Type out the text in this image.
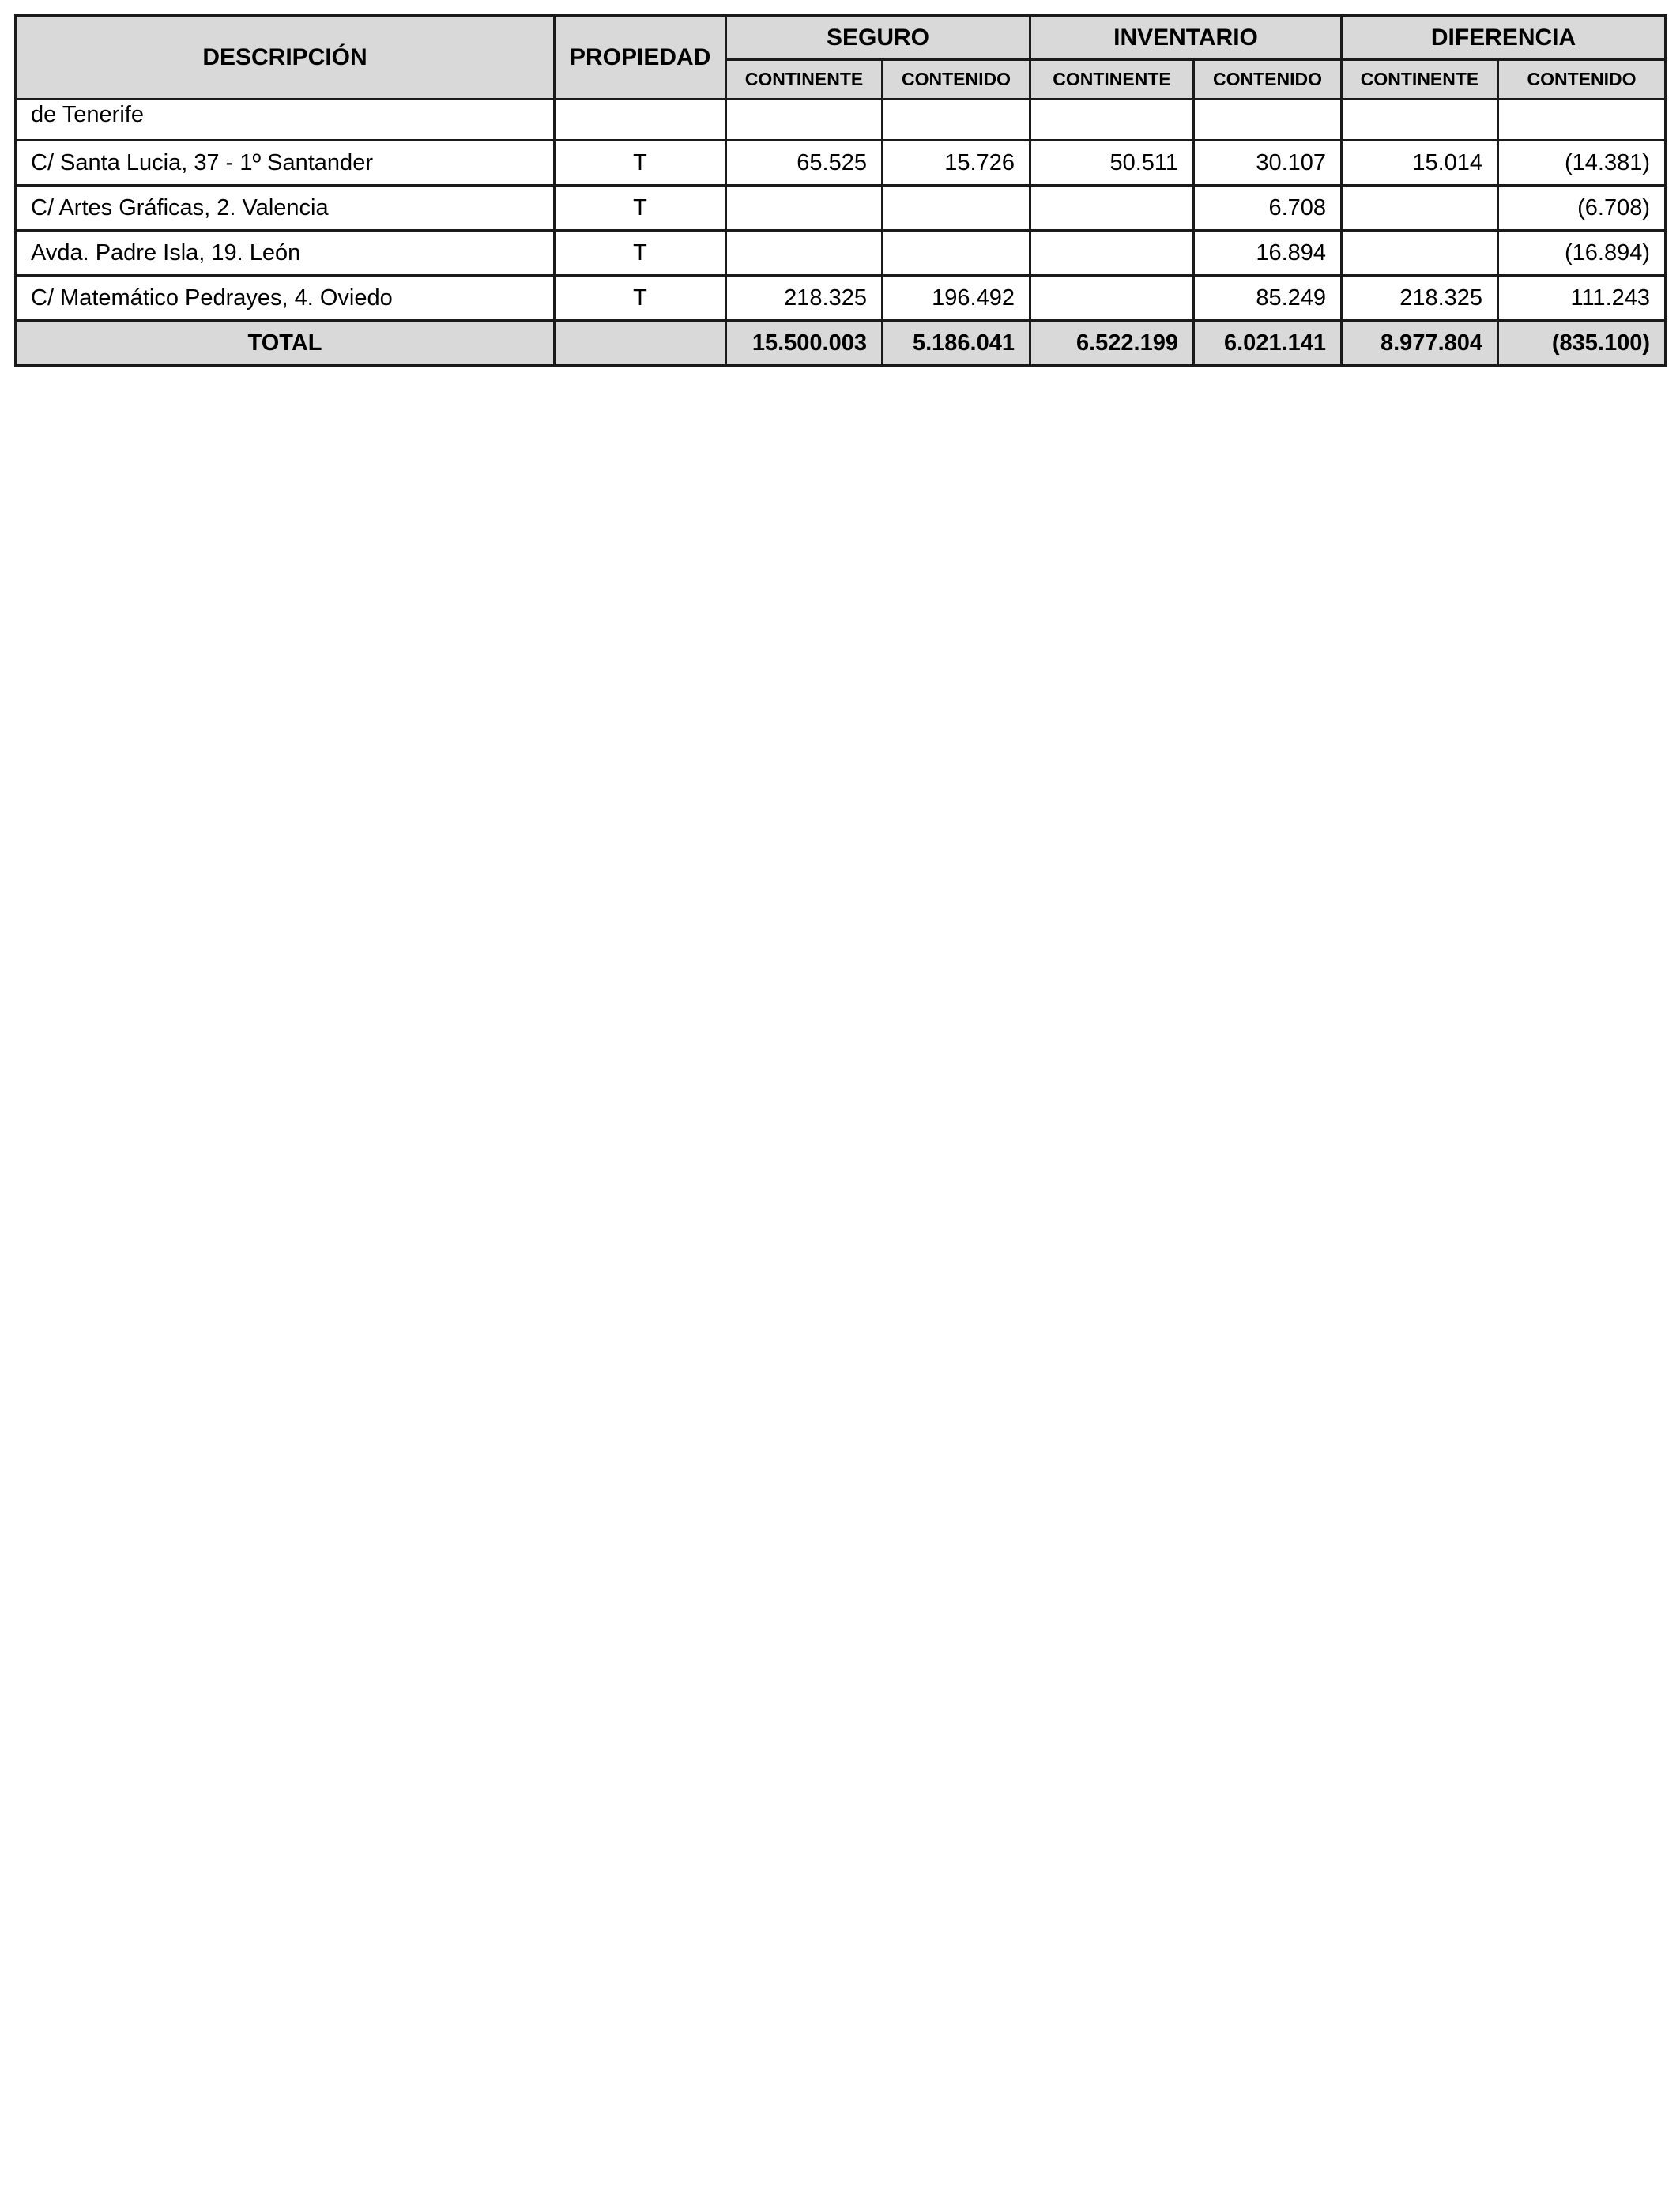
DESCRIPCIÓN	PROPIEDAD	SEGURO		INVENTARIO		DIFERENCIA	
		CONTINENTE	CONTENIDO	CONTINENTE	CONTENIDO	CONTINENTE	CONTENIDO
de Tenerife							
C/ Santa Lucia, 37 - 1º Santander	T	65.525	15.726	50.511	30.107	15.014	(14.381)
C/ Artes Gráficas, 2. Valencia	T				6.708		(6.708)
Avda. Padre Isla, 19. León	T				16.894		(16.894)
C/ Matemático Pedrayes, 4. Oviedo	T	218.325	196.492		85.249	218.325	111.243
TOTAL		15.500.003	5.186.041	6.522.199	6.021.141	8.977.804	(835.100)
